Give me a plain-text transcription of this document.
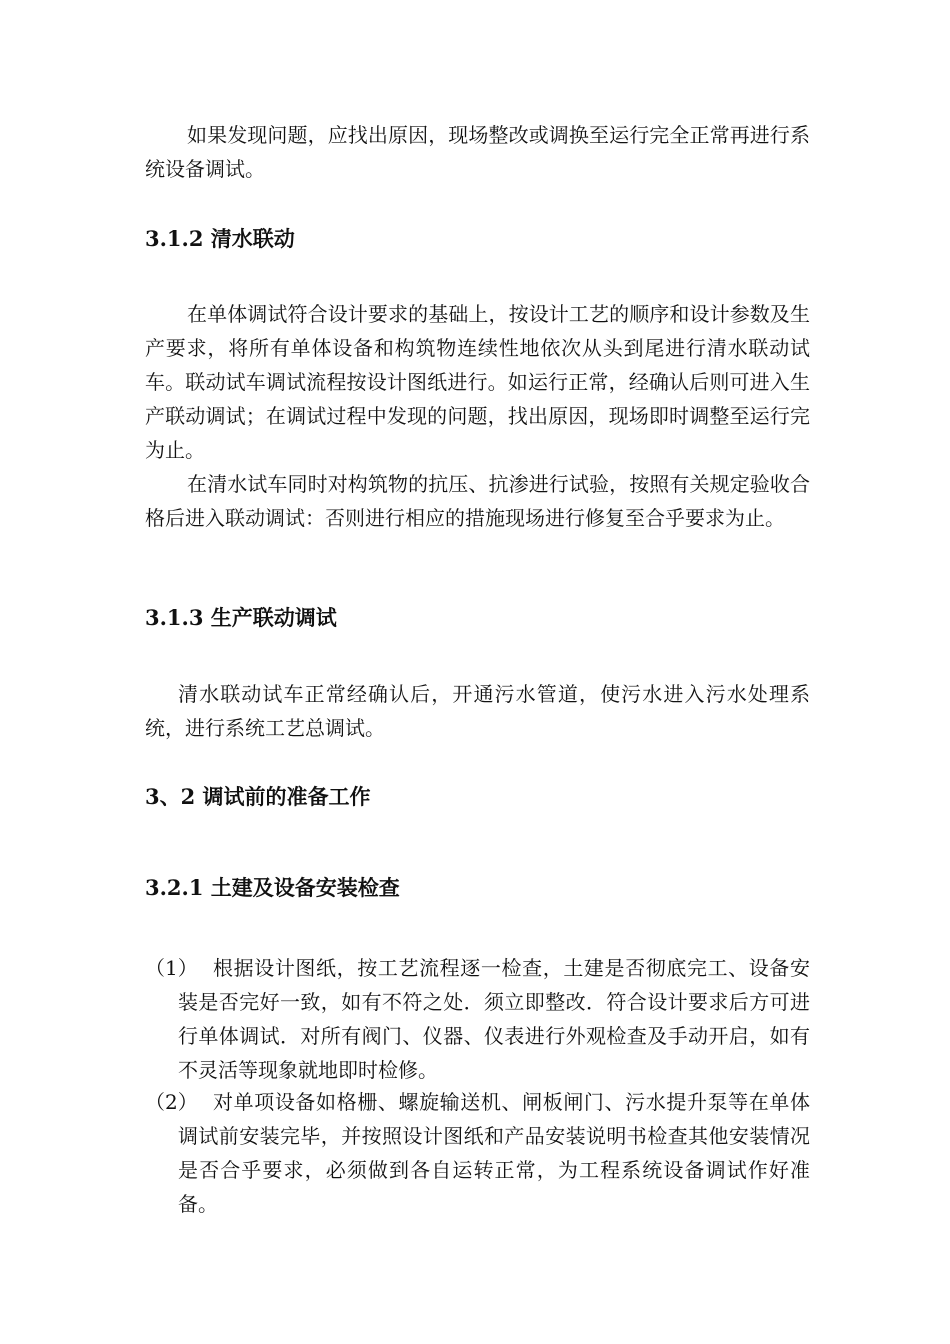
如果发现问题，应找出原因，现场整改或调换至运行完全正常再进行系统设备调试。

3.1.2 清水联动

在单体调试符合设计要求的基础上，按设计工艺的顺序和设计参数及生产要求，将所有单体设备和构筑物连续性地依次从头到尾进行清水联动试车。联动试车调试流程按设计图纸进行。如运行正常，经确认后则可进入生产联动调试；在调试过程中发现的问题，找出原因，现场即时调整至运行完为止。

在清水试车同时对构筑物的抗压、抗渗进行试验，按照有关规定验收合格后进入联动调试：否则进行相应的措施现场进行修复至合乎要求为止。

3.1.3 生产联动调试

清水联动试车正常经确认后，开通污水管道，使污水进入污水处理系统，进行系统工艺总调试。

3、2 调试前的准备工作
3.2.1 土建及设备安装检查
（1） 根据设计图纸，按工艺流程逐一检查，土建是否彻底完工、设备安装是否完好一致，如有不符之处．须立即整改．符合设计要求后方可进行单体调试．对所有阀门、仪器、仪表进行外观检查及手动开启，如有不灵活等现象就地即时检修。
（2） 对单项设备如格栅、螺旋输送机、闸板闸门、污水提升泵等在单体调试前安装完毕，并按照设计图纸和产品安装说明书检查其他安装情况是否合乎要求，必须做到各自运转正常，为工程系统设备调试作好准备。
